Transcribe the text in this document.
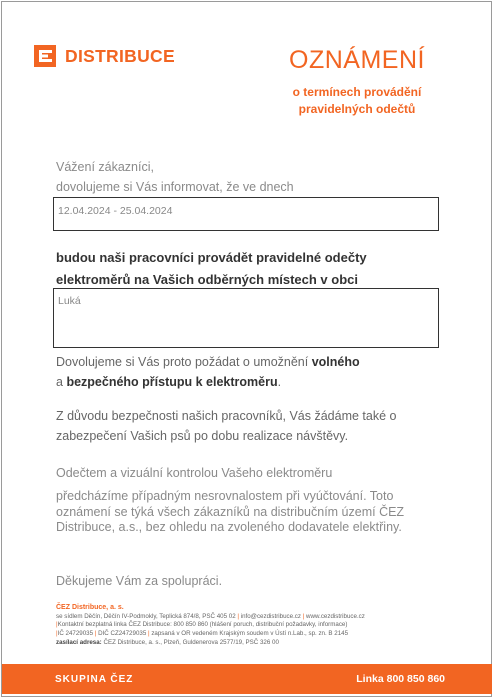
DISTRIBUCE	OZNÁMENÍ
o termínech provádění
pravidelných odečtů
Vážení zákazníci,
dovolujeme si Vás informovat, že ve dnech
12.04.2024 - 25.04.2024
budou naši pracovníci provádět pravidelné odečty
elektroměrů na Vašich odběrných místech v obci
Luká
Dovolujeme si Vás proto požádat o umožnění volného
a bezpečného přístupu k elektroměru.
Z důvodu bezpečnosti našich pracovníků, Vás žádáme také o zabezpečení Vašich psů po dobu realizace návštěvy.
Odečtem a vizuální kontrolou Vašeho elektroměru
předcházíme případným nesrovnalostem při vyúčtování. Toto oznámení se týká všech zákazníků na distribučním území ČEZ Distribuce, a.s., bez ohledu na zvoleného dodavatele elektřiny.
Děkujeme Vám za spolupráci.
ČEZ Distribuce, a. s.
se sídlem Děčín, Děčín IV-Podmokly, Teplická 874/8, PSČ 405 02 | info@cezdistribuce.cz | www.cezdistribuce.cz
|Kontaktní bezplatná linka ČEZ Distribuce: 800 850 860 (hlášení poruch, distribuční požadavky, informace)
|IČ 24729035 | DIČ CZ24729035 | zapsaná v OR vedeném Krajským soudem v Ústí n.Lab., sp. zn. B 2145
zasílací adresa: ČEZ Distribuce, a. s., Plzeň, Guldenerova 2577/19, PSČ 326 00
SKUPINA ČEZ	Linka 800 850 860
